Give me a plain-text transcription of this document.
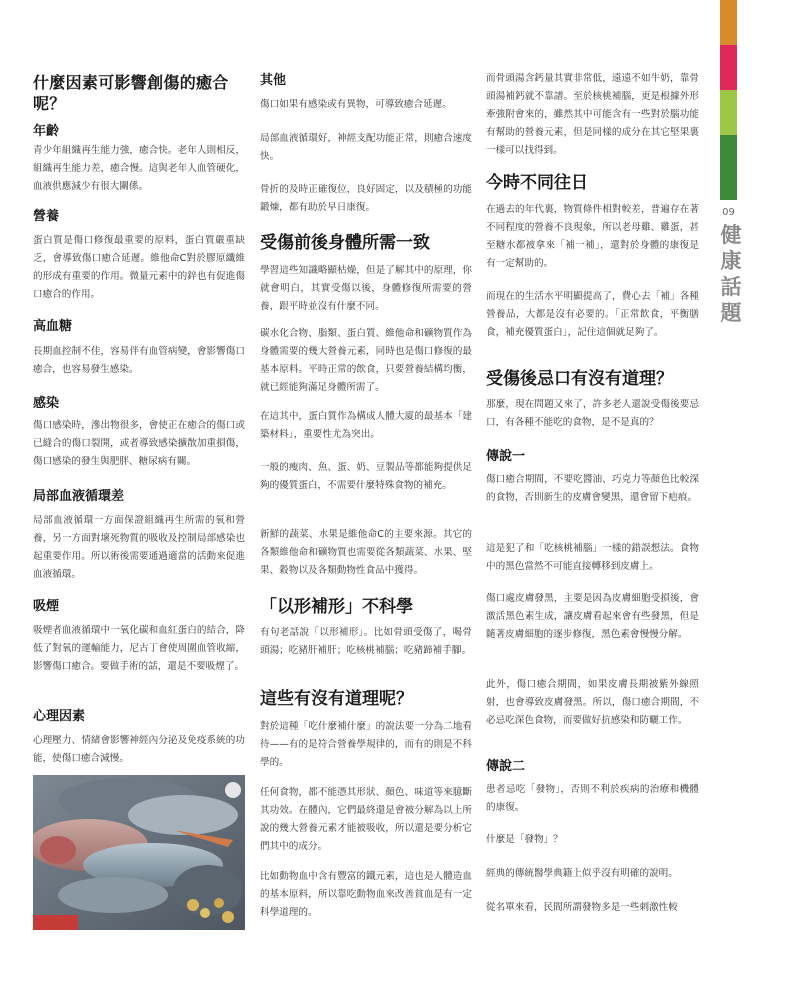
09
健
康
話
題
什麼因素可影響創傷的癒合呢？
年齡
青少年組織再生能力強，癒合快。老年人則相反，組織再生能力差，癒合慢。這與老年人血管硬化，血液供應減少有很大關係。
營養
蛋白質是傷口修復最重要的原料，蛋白質嚴重缺乏，會導致傷口癒合延遲。維他命C對於膠原纖維的形成有重要的作用。微量元素中的鋅也有促進傷口癒合的作用。
高血糖
長期血控制不佳，容易伴有血管病變，會影響傷口癒合，也容易發生感染。
感染
傷口感染時，滲出物很多，會使正在癒合的傷口或已縫合的傷口裂開，或者導致感染擴散加重損傷，傷口感染的發生與肥胖、糖尿病有關。
局部血液循環差
局部血液循環一方面保證組織再生所需的氧和營養，另一方面對壞死物質的吸收及控制局部感染也起重要作用。所以術後需要通過適當的活動來促進血液循環。
吸煙
吸煙者血液循環中一氧化碳和血紅蛋白的結合，降低了對氧的運輸能力，尼古丁會使周圍血管收縮，影響傷口癒合。要做手術的話，還是不要吸煙了。
心理因素
心理壓力、情緒會影響神經內分泌及免疫系統的功能，使傷口癒合減慢。
其他
傷口如果有感染或有異物，可導致癒合延遲。
局部血液循環好，神經支配功能正常，則癒合速度快。
骨折的及時正確復位，良好固定，以及積極的功能鍛煉，都有助於早日康復。
受傷前後身體所需一致
學習這些知識略顯枯燥，但是了解其中的原理，你就會明白，其實受傷以後，身體修復所需要的營養，跟平時並沒有什麼不同。
碳水化合物、脂類、蛋白質、維他命和礦物質作為身體需要的幾大營養元素，同時也是傷口修復的最基本原料。平時正常的飲食，只要營養結構均衡，就已經能夠滿足身體所需了。
在這其中，蛋白質作為構成人體大廈的最基本「建築材料」，重要性尤為突出。
一般的瘦肉、魚、蛋、奶、豆製品等都能夠提供足夠的優質蛋白，不需要什麼特殊食物的補充。
新鮮的蔬菜、水果是維他命C的主要來源。其它的各類維他命和礦物質也需要從各類蔬菜、水果、堅果、穀物以及各類動物性食品中獲得。
「以形補形」不科學
有句老話說「以形補形」。比如骨頭受傷了，喝骨頭湯；吃豬肝補肝；吃核桃補腦；吃豬蹄補手腳。
這些有沒有道理呢？
對於這種「吃什麼補什麼」的說法要一分為二地看待——有的是符合營養學規律的，而有的則是不科學的。
任何食物，都不能憑其形狀、顏色、味道等來臆斷其功效。在體內，它們最終還是會被分解為以上所說的幾大營養元素才能被吸收，所以還是要分析它們其中的成分。
比如動物血中含有豐富的鐵元素，這也是人體造血的基本原料，所以靠吃動物血來改善貧血是有一定科學道理的。
而骨頭湯含鈣量其實非常低，遠遠不如牛奶，靠骨頭湯補鈣就不靠譜。至於核桃補腦，更是根據外形牽強附會來的，雖然其中可能含有一些對於腦功能有幫助的營養元素，但是同樣的成分在其它堅果裏一樣可以找得到。
今時不同往日
在過去的年代裏，物質條件相對較差，普遍存在著不同程度的營養不良現象，所以老母雞、雞蛋，甚至糖水都被拿來「補一補」，還對於身體的康復是有一定幫助的。
而現在的生活水平明顯提高了，費心去「補」各種營養品，大都是沒有必要的。「正常飲食，平衡膳食，補充優質蛋白」，記住這個就足夠了。
受傷後忌口有沒有道理？
那麼，現在問題又來了，許多老人還說受傷後要忌口，有各種不能吃的食物，是不是真的？
傳說一
傷口癒合期間，不要吃醬油、巧克力等顏色比較深的食物，否則新生的皮膚會變黑，還會留下疤痕。
這是犯了和「吃核桃補腦」一樣的錯誤想法。食物中的黑色當然不可能直接轉移到皮膚上。
傷口處皮膚發黑，主要是因為皮膚細胞受損後，會激活黑色素生成，讓皮膚看起來會有些發黑，但是隨著皮膚細胞的逐步修復，黑色素會慢慢分解。
此外，傷口癒合期間，如果皮膚長期被紫外線照射，也會導致皮膚發黑。所以，傷口癒合期間，不必忌吃深色食物，而要做好抗感染和防曬工作。
傳說二
患者忌吃「發物」，否則不利於疾病的治療和機體的康復。
什麼是「發物」？
經典的傳統醫學典籍上似乎沒有明確的說明。
從名單來看，民間所謂發物多是一些刺激性較
